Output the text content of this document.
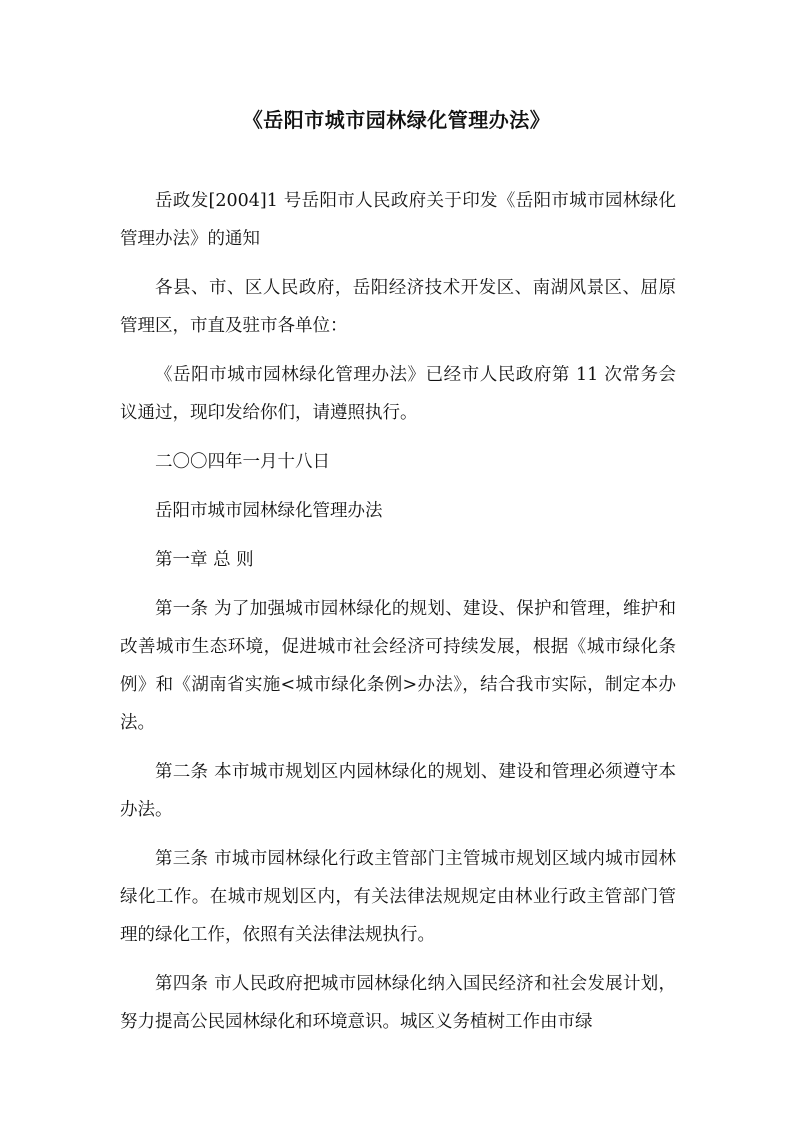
《岳阳市城市园林绿化管理办法》

岳政发[2004]1 号岳阳市人民政府关于印发《岳阳市城市园林绿化管理办法》的通知

各县、市、区人民政府，岳阳经济技术开发区、南湖风景区、屈原管理区，市直及驻市各单位：

《岳阳市城市园林绿化管理办法》已经市人民政府第 11 次常务会议通过，现印发给你们，请遵照执行。

二〇〇四年一月十八日

岳阳市城市园林绿化管理办法

第一章 总 则

第一条 为了加强城市园林绿化的规划、建设、保护和管理，维护和改善城市生态环境，促进城市社会经济可持续发展，根据《城市绿化条例》和《湖南省实施<城市绿化条例>办法》，结合我市实际，制定本办法。

第二条 本市城市规划区内园林绿化的规划、建设和管理必须遵守本办法。

第三条 市城市园林绿化行政主管部门主管城市规划区域内城市园林绿化工作。在城市规划区内，有关法律法规规定由林业行政主管部门管理的绿化工作，依照有关法律法规执行。

第四条 市人民政府把城市园林绿化纳入国民经济和社会发展计划，努力提高公民园林绿化和环境意识。城区义务植树工作由市绿
